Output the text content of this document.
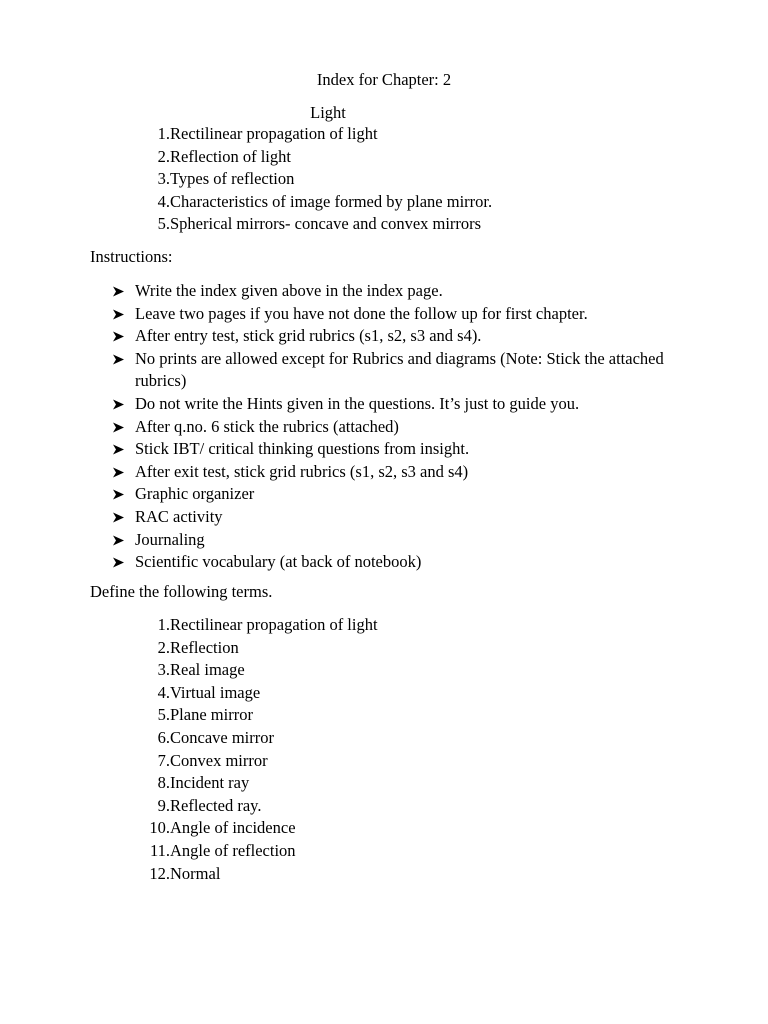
Index for Chapter: 2
Light
1. Rectilinear propagation of light
2. Reflection of light
3. Types of reflection
4. Characteristics of image formed by plane mirror.
5. Spherical mirrors- concave and convex mirrors
Instructions:
Write the index given above in the index page.
Leave two pages if you have not done the follow up for first chapter.
After entry test, stick grid rubrics (s1, s2, s3 and s4).
No prints are allowed except for Rubrics and diagrams (Note: Stick the attached rubrics)
Do not write the Hints given in the questions. It’s just to guide you.
After q.no. 6 stick the rubrics (attached)
Stick IBT/ critical thinking questions from insight.
After exit test, stick grid rubrics (s1, s2, s3 and s4)
Graphic organizer
RAC activity
Journaling
Scientific vocabulary (at back of notebook)
Define the following terms.
1. Rectilinear propagation of light
2. Reflection
3. Real image
4. Virtual image
5. Plane mirror
6. Concave mirror
7. Convex mirror
8. Incident ray
9. Reflected ray.
10. Angle of incidence
11. Angle of reflection
12. Normal
